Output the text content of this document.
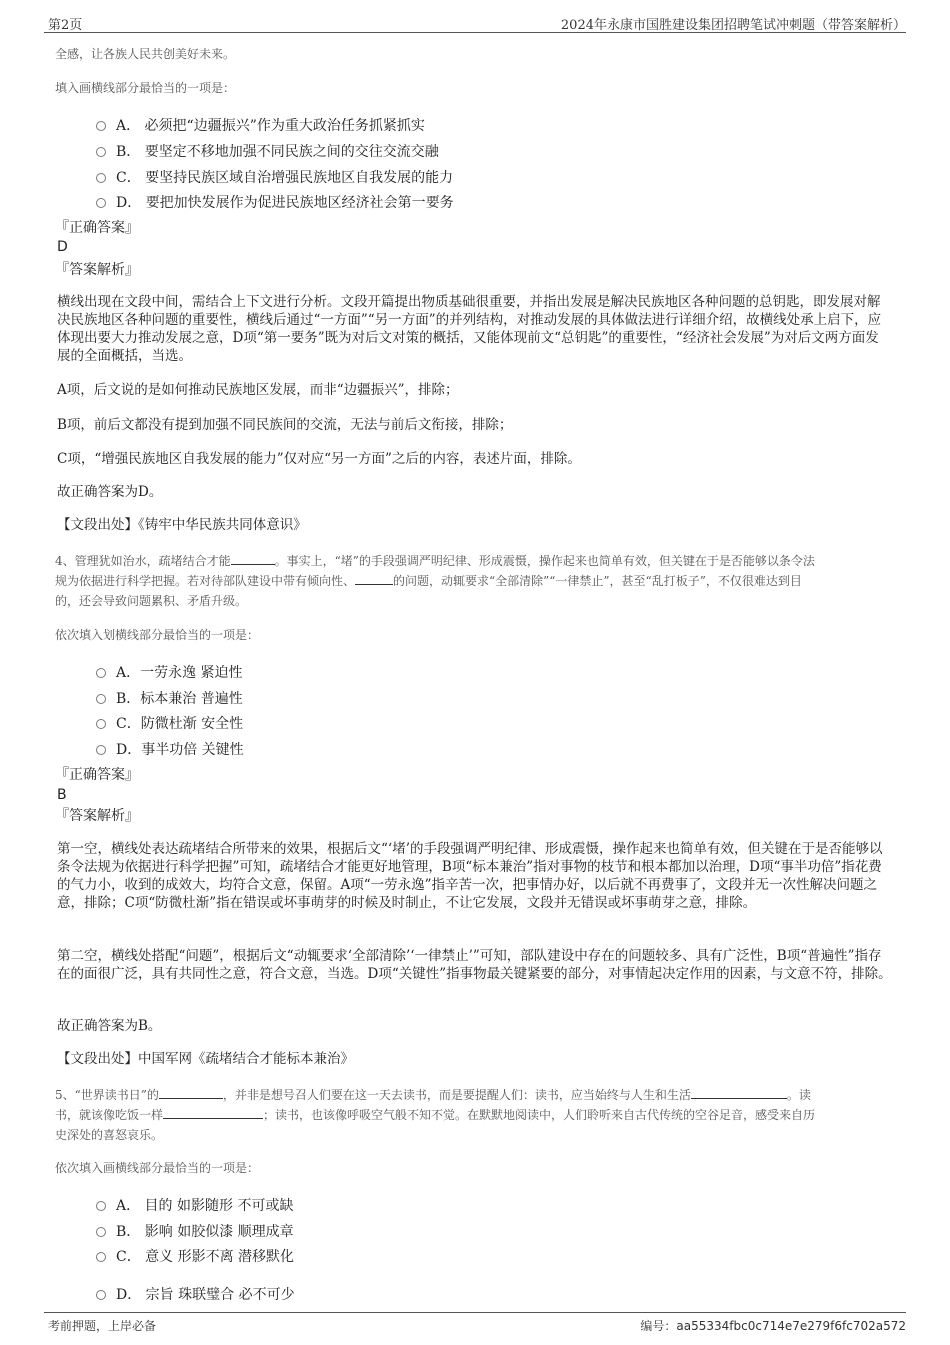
第2页	2024年永康市国胜建设集团招聘笔试冲刺题（带答案解析）
全感，让各族人民共创美好未来。
填入画横线部分最恰当的一项是：
A． 必须把“边疆振兴”作为重大政治任务抓紧抓实
B． 要坚定不移地加强不同民族之间的交往交流交融
C． 要坚持民族区域自治增强民族地区自我发展的能力
D． 要把加快发展作为促进民族地区经济社会第一要务
『正确答案』
D
『答案解析』
横线出现在文段中间，需结合上下文进行分析。文段开篇提出物质基础很重要，并指出发展是解决民族地区各种问题的总钥匙，即发展对解决民族地区各种问题的重要性，横线后通过“一方面”“另一方面”的并列结构，对推动发展的具体做法进行详细介绍，故横线处承上启下，应体现出要大力推动发展之意，D项“第一要务”既为对后文对策的概括，又能体现前文“总钥匙”的重要性，“经济社会发展”为对后文两方面发展的全面概括，当选。
A项，后文说的是如何推动民族地区发展，而非“边疆振兴”，排除；
B项，前后文都没有提到加强不同民族间的交流，无法与前后文衔接，排除；
C项，“增强民族地区自我发展的能力”仅对应“另一方面”之后的内容，表述片面，排除。
故正确答案为D。
【文段出处】《铸牢中华民族共同体意识》
4、管理犹如治水，疏堵结合才能	。事实上，“堵”的手段强调严明纪律、形成震慑，操作起来也简单有效，但关键在于是否能够以条令法
规为依据进行科学把握。若对待部队建设中带有倾向性、	的问题，动辄要求“全部清除”“一律禁止”，甚至“乱打板子”，不仅很难达到目
的，还会导致问题累积、矛盾升级。
依次填入划横线部分最恰当的一项是：
A．一劳永逸 紧迫性
B．标本兼治 普遍性
C．防微杜渐 安全性
D．事半功倍 关键性
『正确答案』
B
『答案解析』
第一空，横线处表达疏堵结合所带来的效果，根据后文“‘堵’的手段强调严明纪律、形成震慑，操作起来也简单有效，但关键在于是否能够以条令法规为依据进行科学把握”可知，疏堵结合才能更好地管理，B项“标本兼治”指对事物的枝节和根本都加以治理，D项“事半功倍”指花费的气力小，收到的成效大，均符合文意，保留。A项“一劳永逸”指辛苦一次，把事情办好，以后就不再费事了，文段并无一次性解决问题之意，排除；C项“防微杜渐”指在错误或坏事萌芽的时候及时制止，不让它发展，文段并无错误或坏事萌芽之意，排除。
第二空，横线处搭配“问题”，根据后文“动辄要求‘全部清除’‘一律禁止’”可知，部队建设中存在的问题较多、具有广泛性，B项“普遍性”指存在的面很广泛，具有共同性之意，符合文意，当选。D项“关键性”指事物最关键紧要的部分，对事情起决定作用的因素，与文意不符，排除。
故正确答案为B。
【文段出处】中国军网《疏堵结合才能标本兼治》
5、“世界读书日”的	，并非是想号召人们要在这一天去读书，而是要提醒人们：读书，应当始终与人生和生活	。读
书，就该像吃饭一样	；读书，也该像呼吸空气般不知不觉。在默默地阅读中，人们聆听来自古代传统的空谷足音，感受来自历
史深处的喜怒哀乐。
依次填入画横线部分最恰当的一项是：
A． 目的 如影随形 不可或缺
B． 影响 如胶似漆 顺理成章
C． 意义 形影不离 潜移默化
D． 宗旨 珠联璧合 必不可少
考前押题，上岸必备	编号：aa55334fbc0c714e7e279f6fc702a572
